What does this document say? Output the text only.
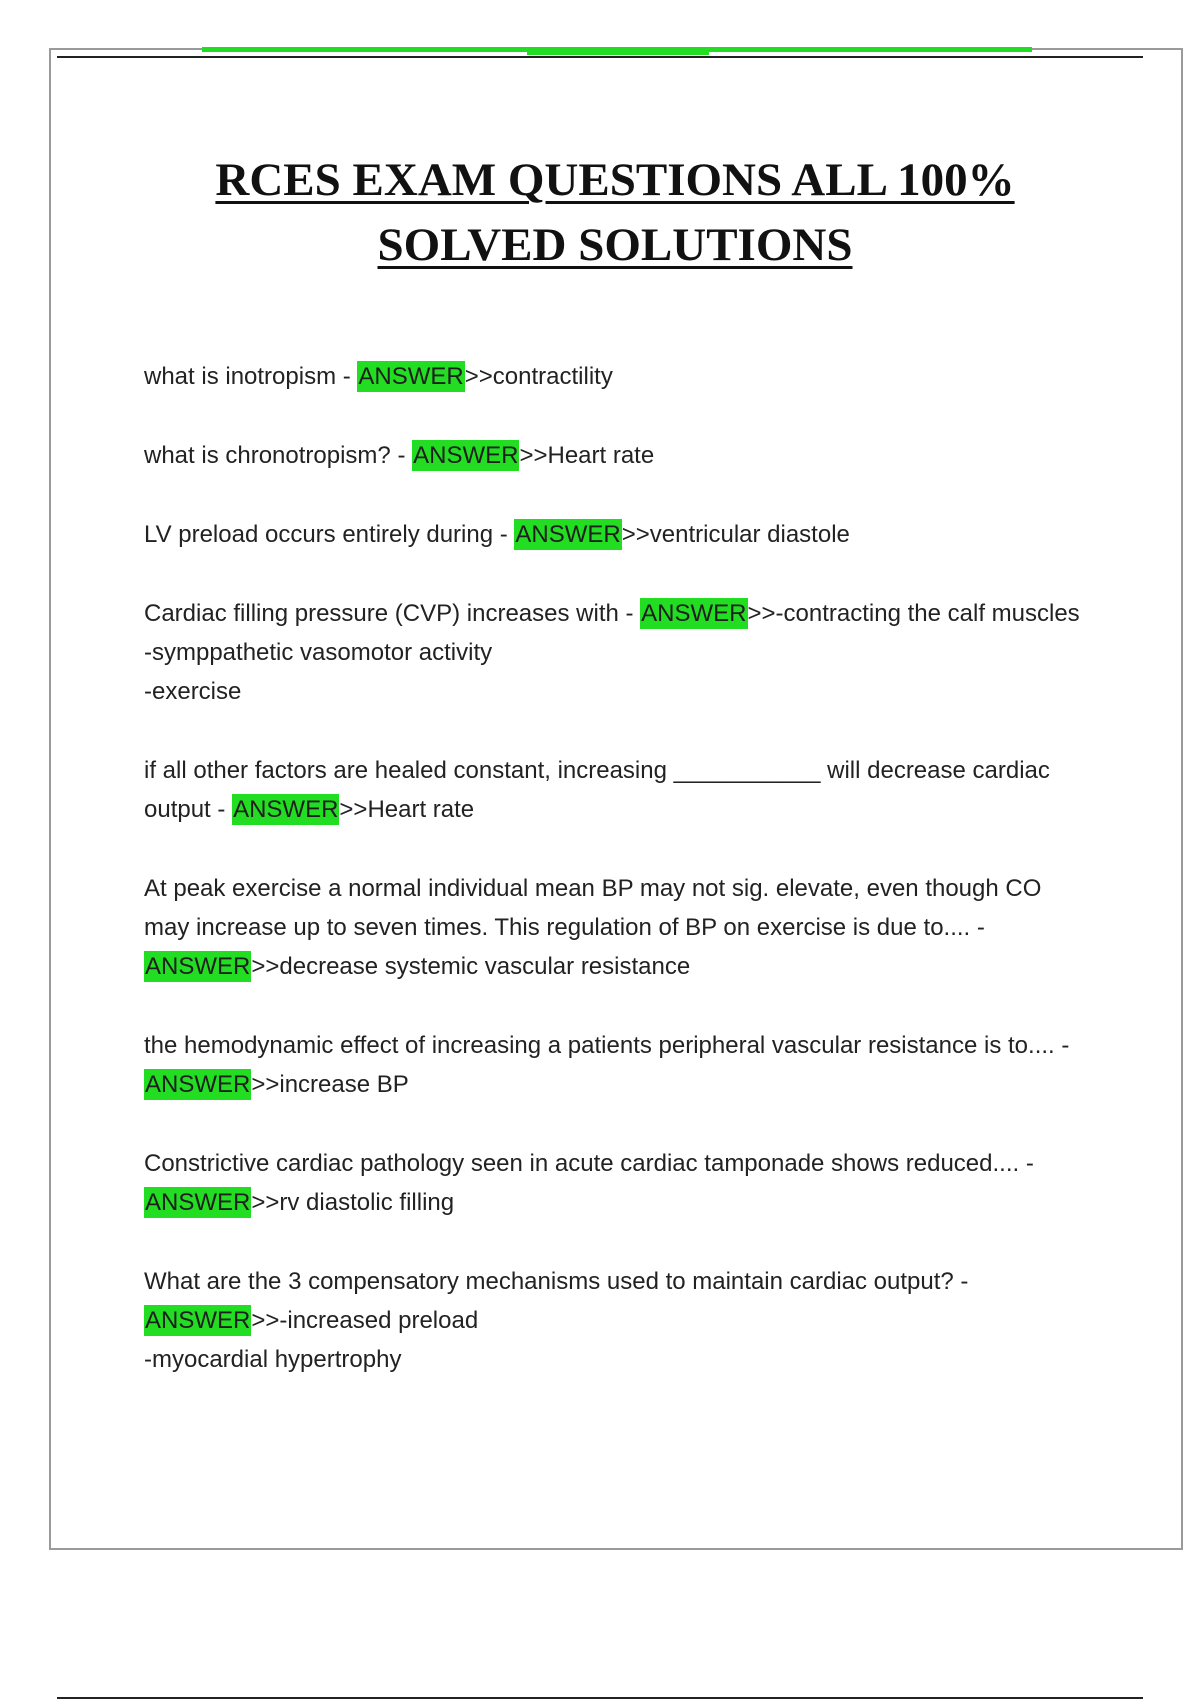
RCES EXAM QUESTIONS ALL 100%
SOLVED SOLUTIONS
what is inotropism - ANSWER>>contractility
what is chronotropism? - ANSWER>>Heart rate
LV preload occurs entirely during - ANSWER>>ventricular diastole
Cardiac filling pressure (CVP) increases with - ANSWER>>-contracting the calf muscles
-symppathetic vasomotor activity
-exercise
if all other factors are healed constant, increasing ___________ will decrease cardiac output - ANSWER>>Heart rate
At peak exercise a normal individual mean BP may not sig. elevate, even though CO may increase up to seven times. This regulation of BP on exercise is due to.... - ANSWER>>decrease systemic vascular resistance
the hemodynamic effect of increasing a patients peripheral vascular resistance is to.... - ANSWER>>increase BP
Constrictive cardiac pathology seen in acute cardiac tamponade shows reduced.... - ANSWER>>rv diastolic filling
What are the 3 compensatory mechanisms used to maintain cardiac output? - ANSWER>>-increased preload
-myocardial hypertrophy
